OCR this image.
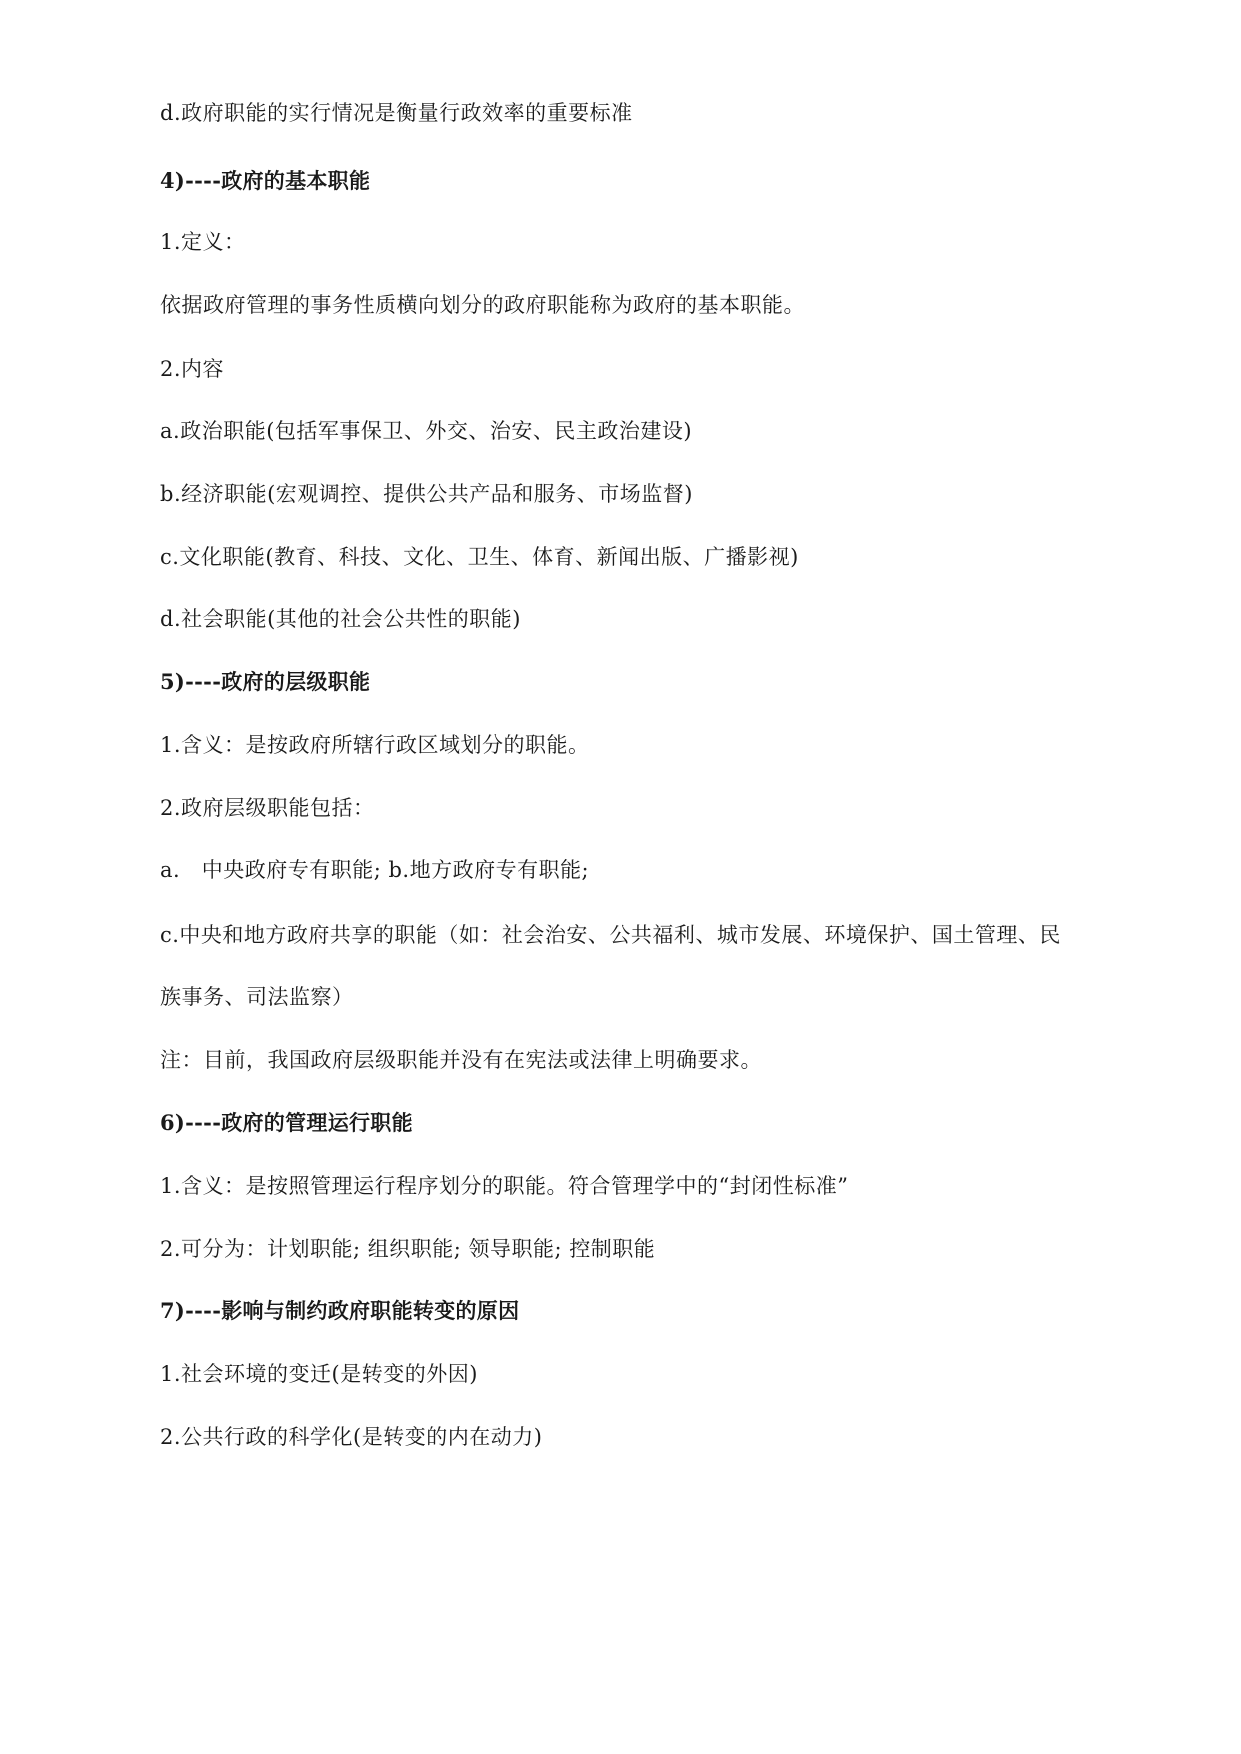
d.政府职能的实行情况是衡量行政效率的重要标准
4)----政府的基本职能
1.定义：
依据政府管理的事务性质横向划分的政府职能称为政府的基本职能。
2.内容
a.政治职能(包括军事保卫、外交、治安、民主政治建设)
b.经济职能(宏观调控、提供公共产品和服务、市场监督)
c.文化职能(教育、科技、文化、卫生、体育、新闻出版、广播影视)
d.社会职能(其他的社会公共性的职能)
5)----政府的层级职能
1.含义：是按政府所辖行政区域划分的职能。
2.政府层级职能包括：
a.　中央政府专有职能; b.地方政府专有职能;
c.中央和地方政府共享的职能（如：社会治安、公共福利、城市发展、环境保护、国土管理、民
族事务、司法监察）
注：目前，我国政府层级职能并没有在宪法或法律上明确要求。
6)----政府的管理运行职能
1.含义：是按照管理运行程序划分的职能。符合管理学中的“封闭性标准”
2.可分为：计划职能; 组织职能; 领导职能; 控制职能
7)----影响与制约政府职能转变的原因
1.社会环境的变迁(是转变的外因)
2.公共行政的科学化(是转变的内在动力)
